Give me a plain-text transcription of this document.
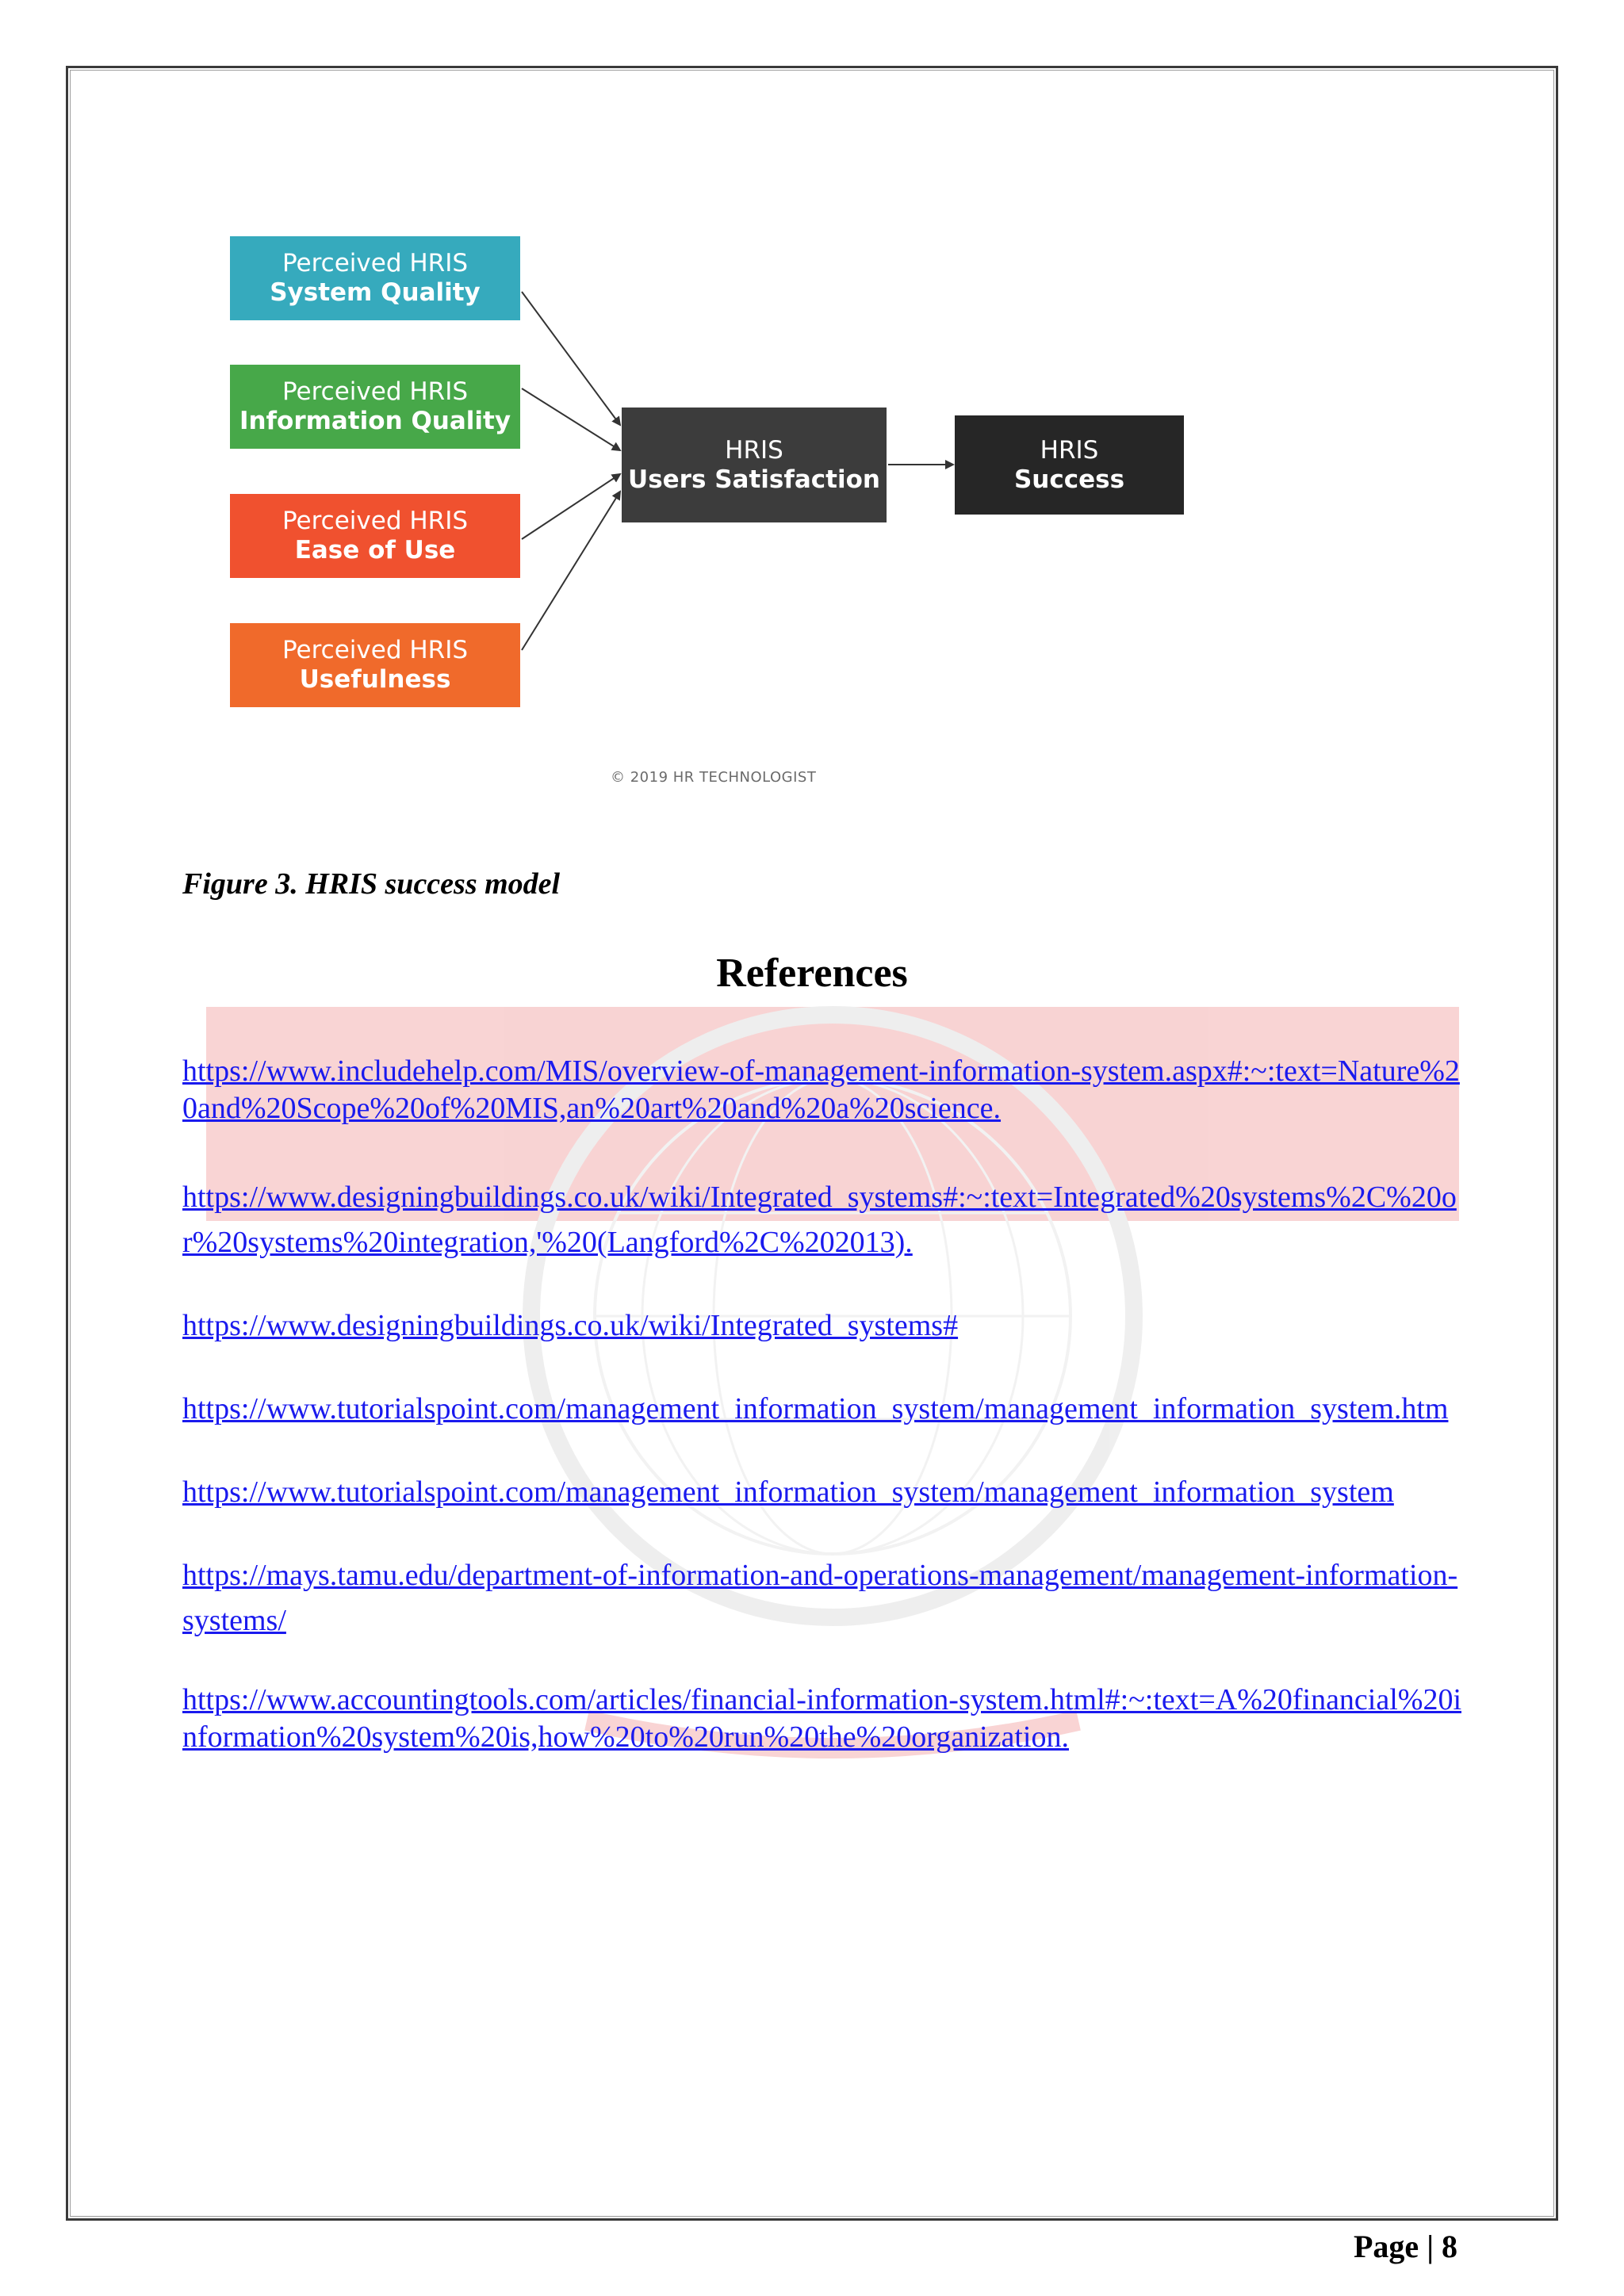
Perceived HRIS
System Quality
Perceived HRIS
Information Quality
Perceived HRIS
Ease of Use
Perceived HRIS
Usefulness
HRIS
Users Satisfaction
HRIS
Success
© 2019 HR TECHNOLOGIST
Figure 3. HRIS success model
References

https://www.includehelp.com/MIS/overview-of-management-information-system.aspx#:~:text=Nature%20and%20Scope%20of%20MIS,an%20art%20and%20a%20science.

https://www.designingbuildings.co.uk/wiki/Integrated_systems#:~:text=Integrated%20systems%2C%20or%20systems%20integration,'%20(Langford%2C%202013).

https://www.designingbuildings.co.uk/wiki/Integrated_systems#

https://www.tutorialspoint.com/management_information_system/management_information_system.htm

https://www.tutorialspoint.com/management_information_system/management_information_system

https://mays.tamu.edu/department-of-information-and-operations-management/management-information-systems/

https://www.accountingtools.com/articles/financial-information-system.html#:~:text=A%20financial%20information%20system%20is,how%20to%20run%20the%20organization.

Page | 8
